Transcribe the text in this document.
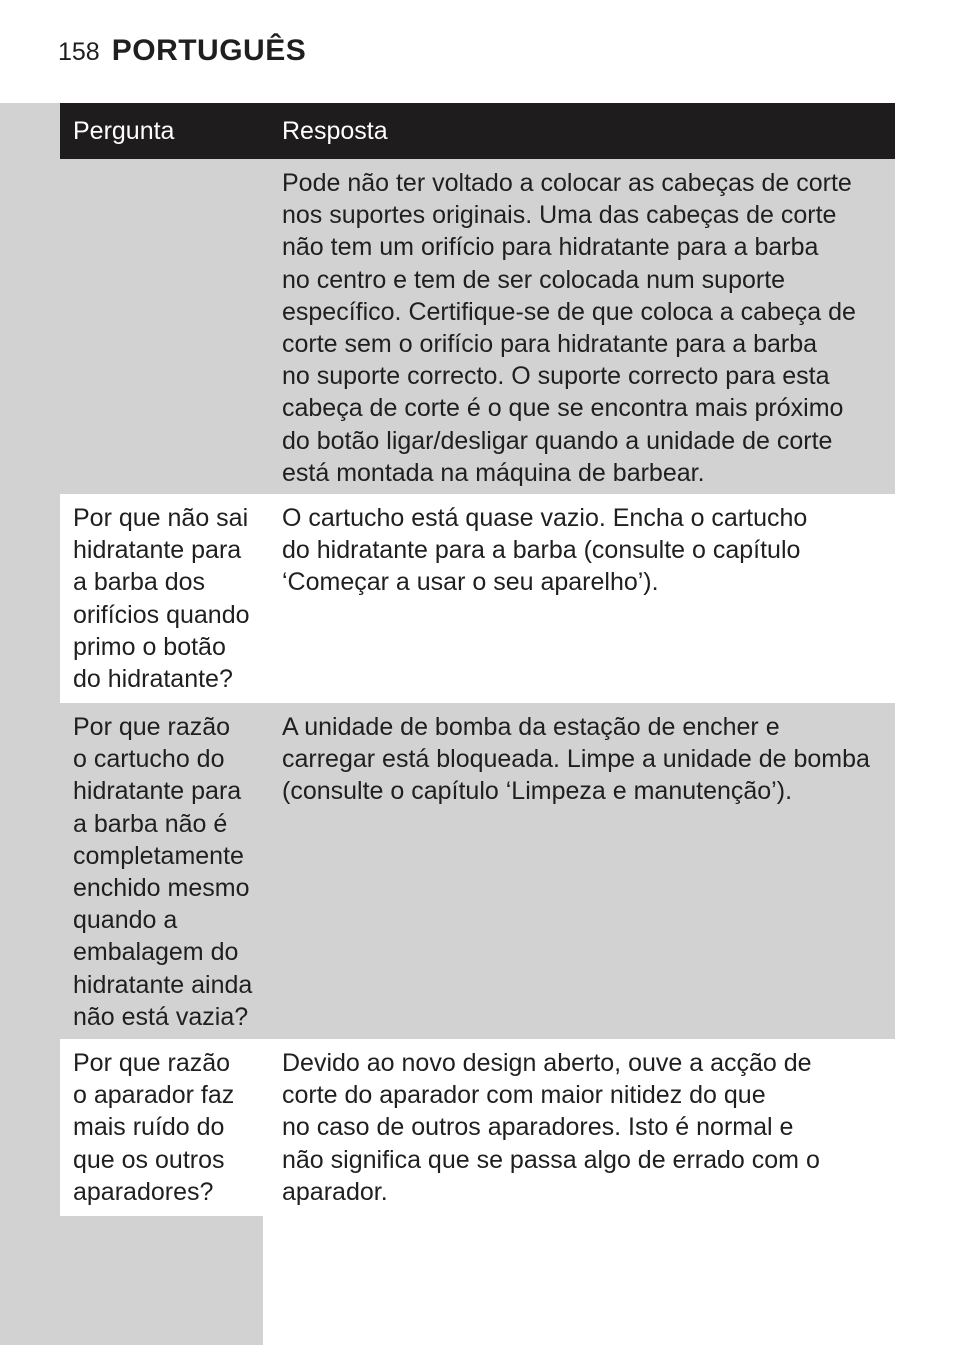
158 PORTUGUÊS
Pergunta	Resposta
Pode não ter voltado a colocar as cabeças de corte
nos suportes originais. Uma das cabeças de corte
não tem um orifício para hidratante para a barba
no centro e tem de ser colocada num suporte
específico. Certifique-se de que coloca a cabeça de
corte sem o orifício para hidratante para a barba
no suporte correcto. O suporte correcto para esta
cabeça de corte é o que se encontra mais próximo
do botão ligar/desligar quando a unidade de corte
está montada na máquina de barbear.
Por que não sai
hidratante para
a barba dos
orifícios quando
primo o botão
do hidratante?
O cartucho está quase vazio. Encha o cartucho
do hidratante para a barba (consulte o capítulo
‘Começar a usar o seu aparelho’).
Por que razão
o cartucho do
hidratante para
a barba não é
completamente
enchido mesmo
quando a
embalagem do
hidratante ainda
não está vazia?
A unidade de bomba da estação de encher e
carregar está bloqueada. Limpe a unidade de bomba
(consulte o capítulo ‘Limpeza e manutenção’).
Por que razão
o aparador faz
mais ruído do
que os outros
aparadores?
Devido ao novo design aberto, ouve a acção de
corte do aparador com maior nitidez do que
no caso de outros aparadores. Isto é normal e
não significa que se passa algo de errado com o
aparador.
